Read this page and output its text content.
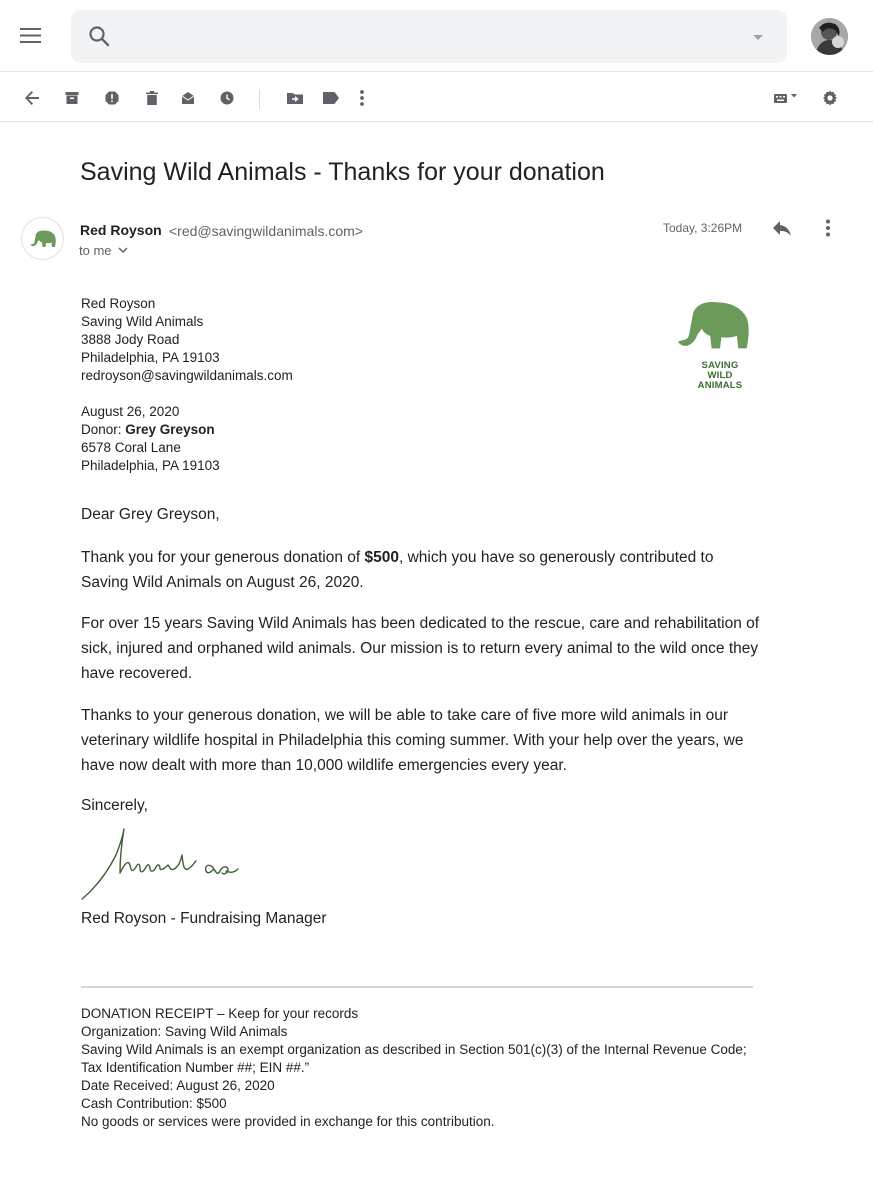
Saving Wild Animals - Thanks for your donation
Red Royson <red@savingwildanimals.com>
to me
Today, 3:26PM
Red Royson
Saving Wild Animals
3888 Jody Road
Philadelphia, PA 19103
redroyson@savingwildanimals.com
August 26, 2020
Donor: Grey Greyson
6578 Coral Lane
Philadelphia, PA 19103
SAVING
WILD
ANIMALS
Dear Grey Greyson,

Thank you for your generous donation of $500, which you have so generously contributed to Saving Wild Animals on August 26, 2020.

For over 15 years Saving Wild Animals has been dedicated to the rescue, care and rehabilitation of sick, injured and orphaned wild animals. Our mission is to return every animal to the wild once they have recovered.

Thanks to your generous donation, we will be able to take care of five more wild animals in our veterinary wildlife hospital in Philadelphia this coming summer. With your help over the years, we have now dealt with more than 10,000 wildlife emergencies every year.

Sincerely,
Red Royson - Fundraising Manager
DONATION RECEIPT – Keep for your records
Organization: Saving Wild Animals
Saving Wild Animals is an exempt organization as described in Section 501(c)(3) of the Internal Revenue Code; Tax Identification Number ##; EIN ##.”
Date Received: August 26, 2020
Cash Contribution: $500
No goods or services were provided in exchange for this contribution.
